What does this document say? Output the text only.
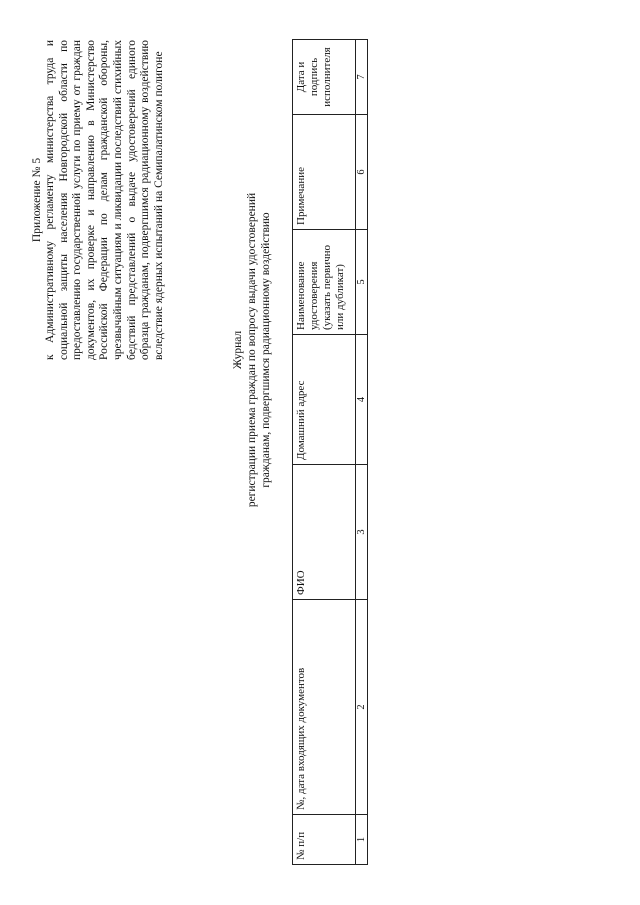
Приложение № 5 к Административному регламенту министерства труда и социальной защиты населения Новгородской области по предоставлению государственной услуги по приему от граждан документов, их проверке и направлению в Министерство Российской Федерации по делам гражданской обороны, чрезвычайным ситуациям и ликвидации последствий стихийных бедствий представлений о выдаче удостоверений единого образца гражданам, подвергшимся радиационному воздействию вследствие ядерных испытаний на Семипалатинском полигоне	Журнал регистрации приема граждан по вопросу выдачи удостоверений гражданам, подвергшимся радиационному воздействию
№ п/п	№, дата входящих документов	ФИО	Домашний адрес	Наименование удостоверения (указать первично или дубликат)	Примечание	Дата и подпись исполнителя
1	2	3	4	5	6	7
